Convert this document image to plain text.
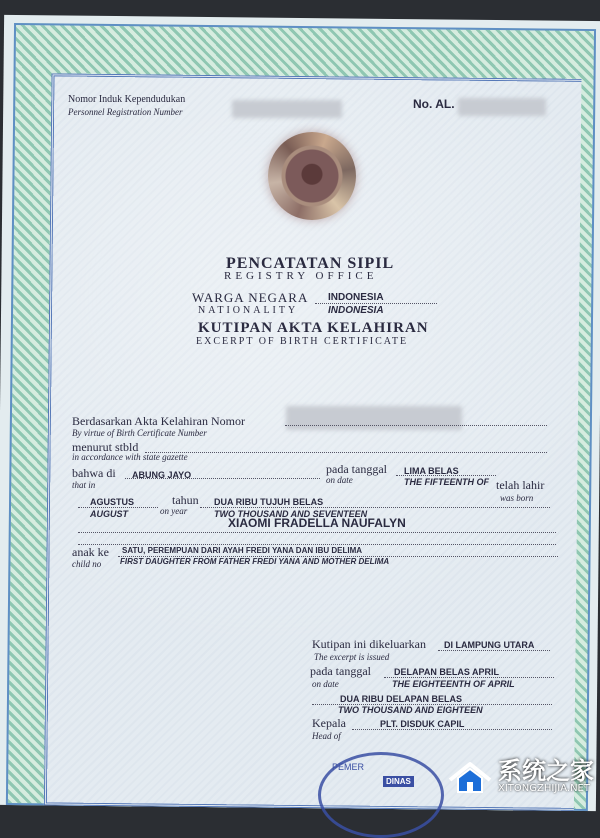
Nomor Induk Kependudukan
Personnel Registration Number
No. AL.
PENCATATAN SIPIL
REGISTRY OFFICE
WARGA NEGARA
NATIONALITY
INDONESIA
INDONESIA
KUTIPAN AKTA KELAHIRAN
EXCERPT OF BIRTH CERTIFICATE
Berdasarkan Akta Kelahiran Nomor
By virtue of Birth Certificate Number
menurut stbld
in accordance with state gazette
bahwa di
that in
ABUNG JAYO	pada tanggal
on date
LIMA BELAS
THE FIFTEENTH OF telah lahir
was born
AGUSTUS
AUGUST
tahun
on year
DUA RIBU TUJUH BELAS
TWO THOUSAND AND SEVENTEEN
XIAOMI FRADELLA NAUFALYN
anak ke
child no
SATU, PEREMPUAN DARI AYAH FREDI YANA DAN IBU DELIMA
FIRST DAUGHTER FROM FATHER FREDI YANA AND MOTHER DELIMA
Kutipan ini dikeluarkan
The excerpt is issued
DI LAMPUNG UTARA
pada tanggal
on date
DELAPAN BELAS APRIL
THE EIGHTEENTH OF APRIL
DUA RIBU DELAPAN BELAS
TWO THOUSAND AND EIGHTEEN
Kepala
Head of
PLT. DISDUK CAPIL
PEMER
DINAS	系统之家
XITONGZHIJIA.NET
